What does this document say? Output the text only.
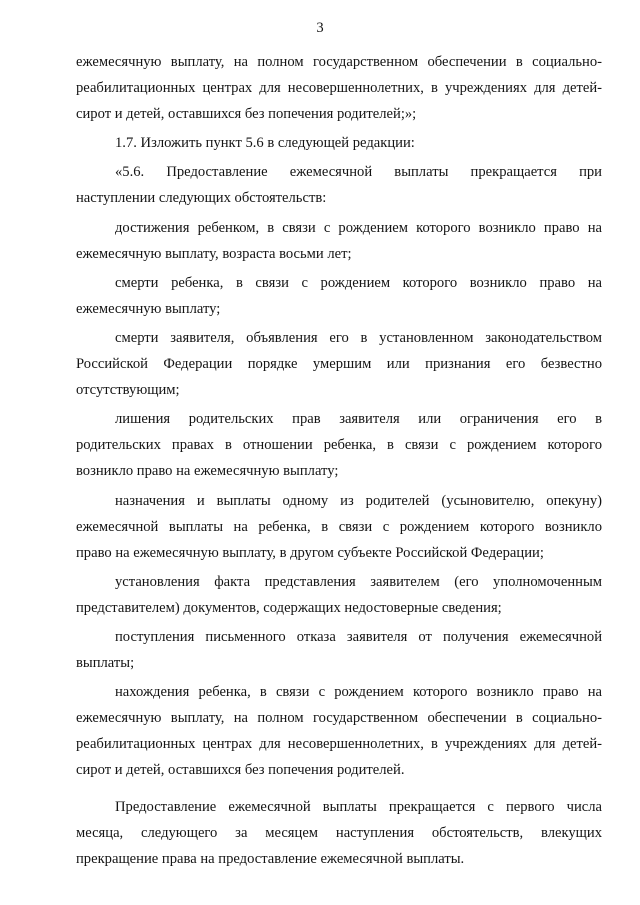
3

ежемесячную выплату, на полном государственном обеспечении в социально-
реабилитационных центрах для несовершеннолетних, в учреждениях для детей-
сирот и детей, оставшихся без попечения родителей;»;

1.7. Изложить пункт 5.6 в следующей редакции:

«5.6. Предоставление ежемесячной выплаты прекращается при
наступлении следующих обстоятельств:

достижения ребенком, в связи с рождением которого возникло право на
ежемесячную выплату, возраста восьми лет;

смерти ребенка, в связи с рождением которого возникло право на
ежемесячную выплату;

смерти заявителя, объявления его в установленном законодательством
Российской Федерации порядке умершим или признания его безвестно
отсутствующим;

лишения родительских прав заявителя или ограничения его в
родительских правах в отношении ребенка, в связи с рождением которого
возникло право на ежемесячную выплату;

назначения и выплаты одному из родителей (усыновителю, опекуну)
ежемесячной выплаты на ребенка, в связи с рождением которого возникло
право на ежемесячную выплату, в другом субъекте Российской Федерации;

установления факта представления заявителем (его уполномоченным
представителем) документов, содержащих недостоверные сведения;

поступления письменного отказа заявителя от получения ежемесячной
выплаты;

нахождения ребенка, в связи с рождением которого возникло право на
ежемесячную выплату, на полном государственном обеспечении в социально-
реабилитационных центрах для несовершеннолетних, в учреждениях для детей-
сирот и детей, оставшихся без попечения родителей.

Предоставление ежемесячной выплаты прекращается с первого числа
месяца, следующего за месяцем наступления обстоятельств, влекущих
прекращение права на предоставление ежемесячной выплаты.
